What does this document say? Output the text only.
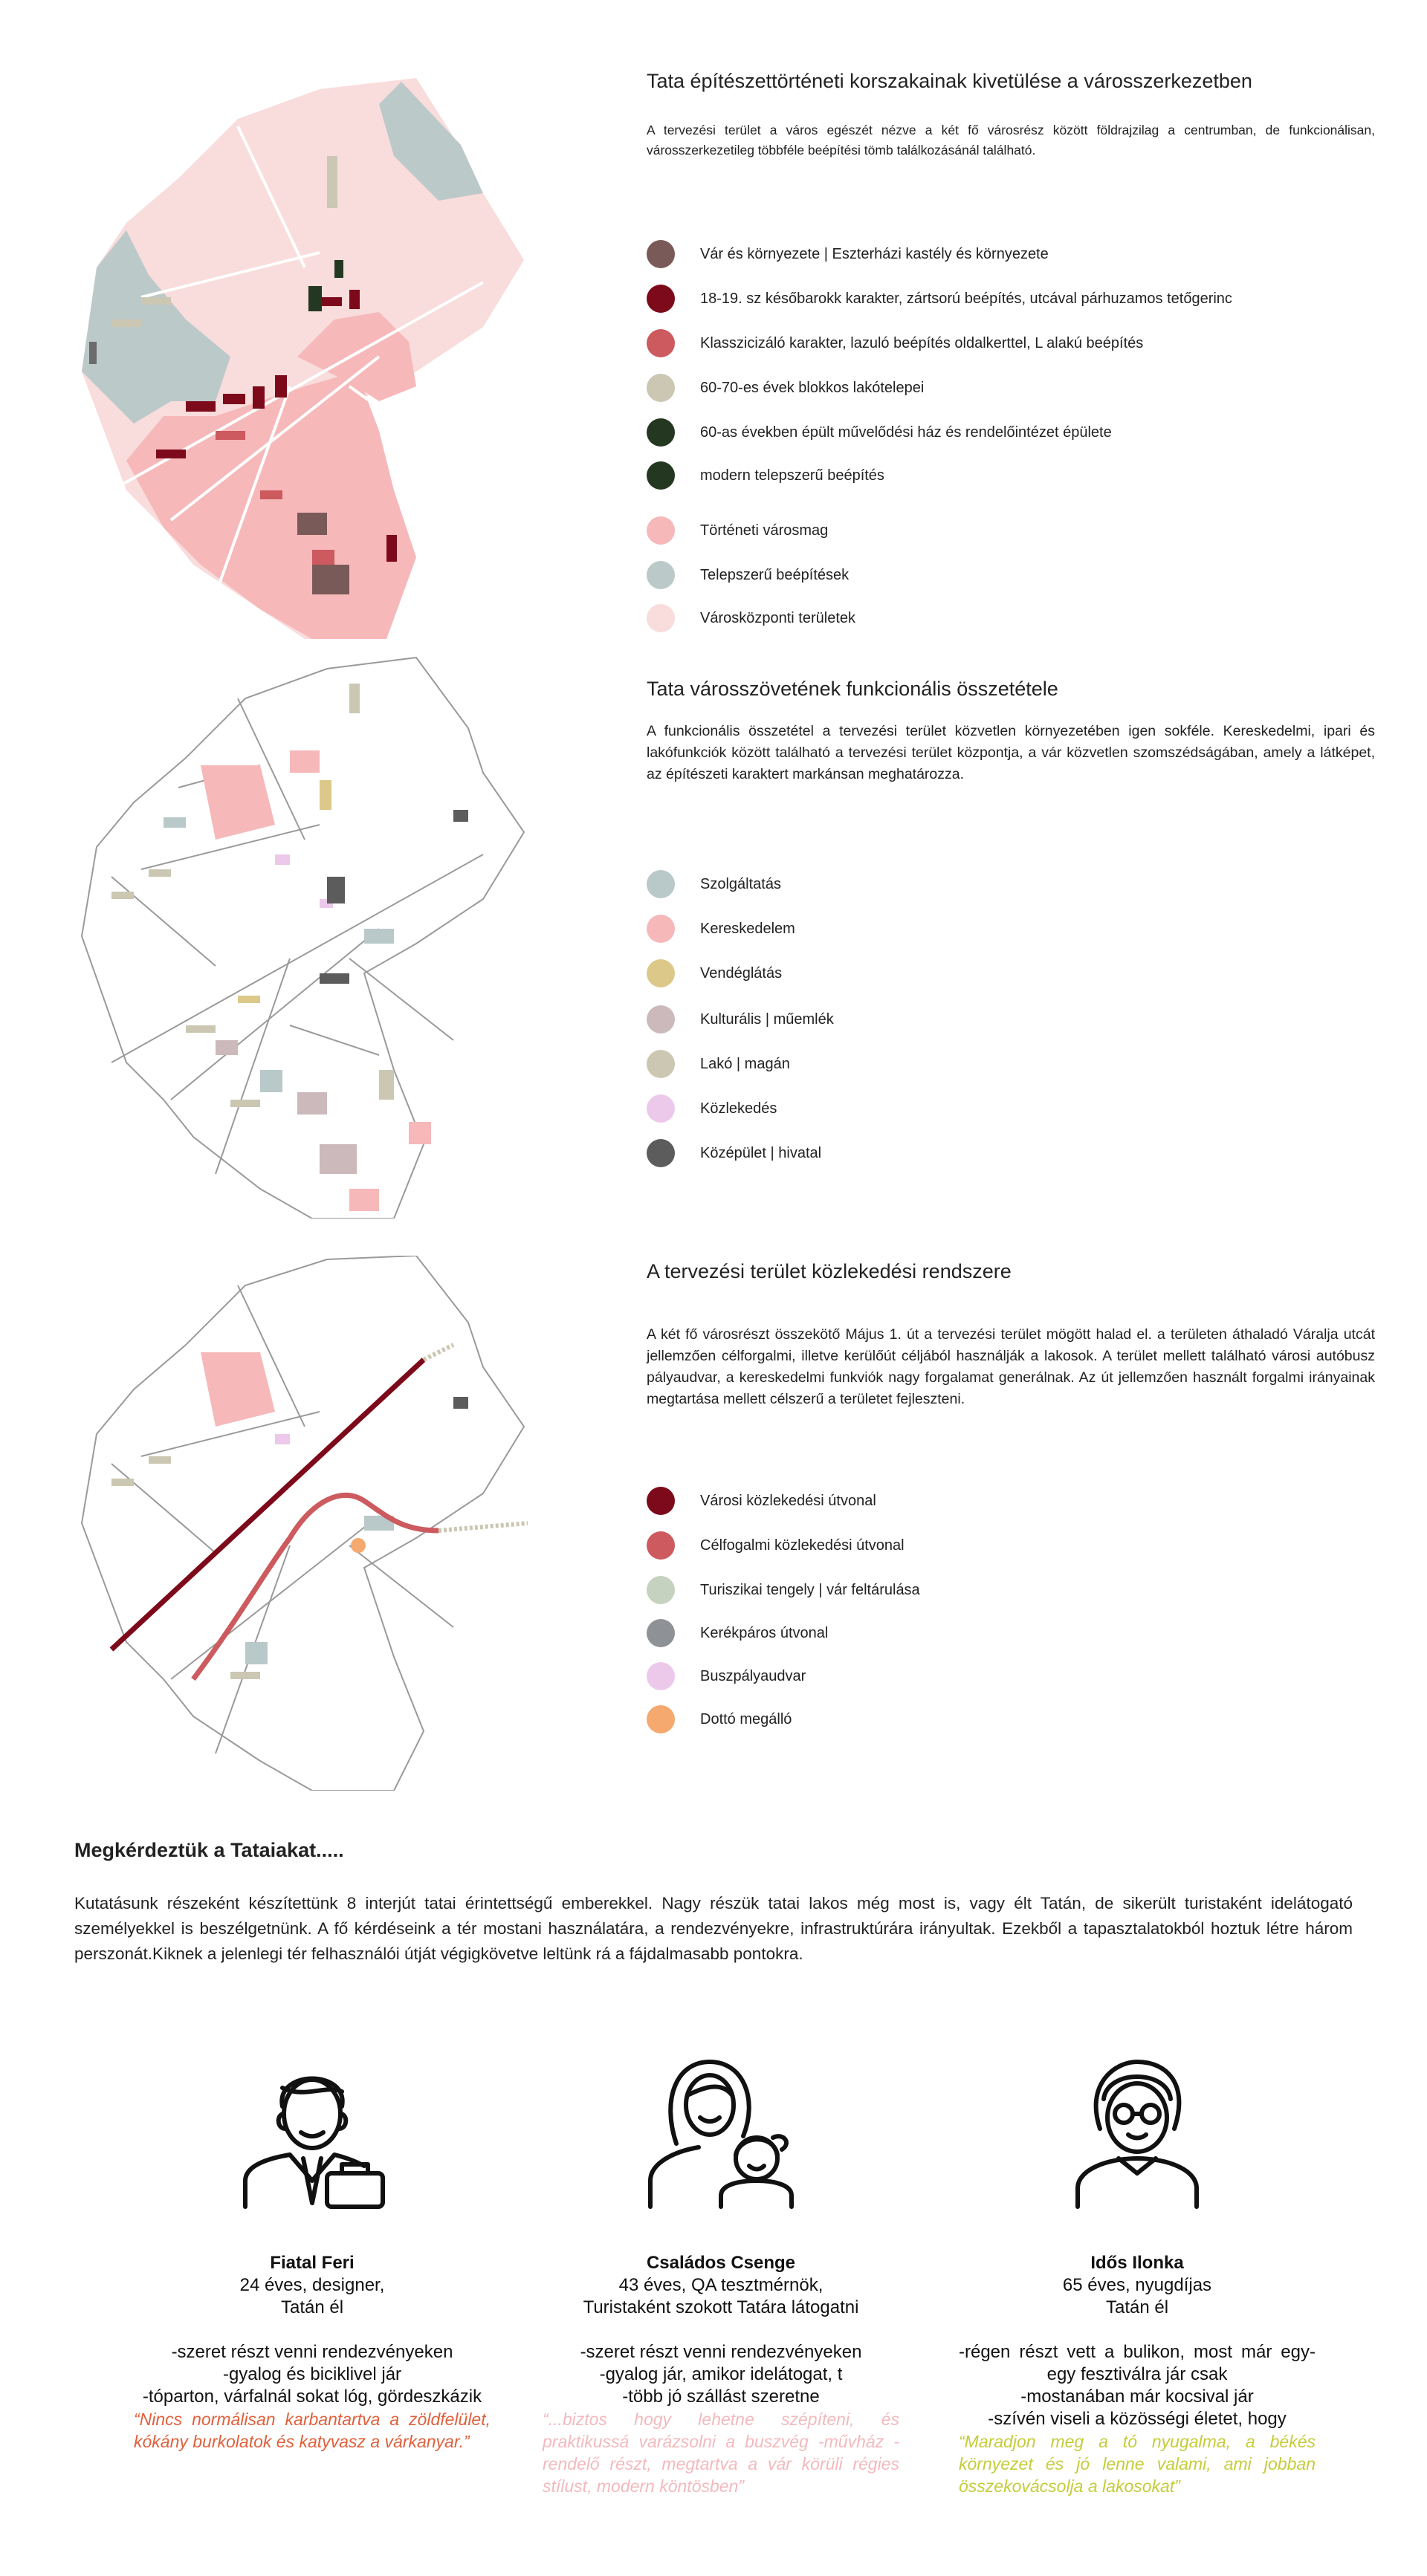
Tata építészettörténeti korszakainak kivetülése a városszerkezetben

A tervezési terület a város egészét nézve a két fő városrész között földrajzilag a centrumban, de funkcionálisan, városszerkezetileg többféle beépítési tömb találkozásánál található.

Vár és környezete | Eszterházi kastély és környezete
18-19. sz későbarokk karakter, zártsorú beépítés, utcával párhuzamos tetőgerinc
Klasszicizáló karakter, lazuló beépítés oldalkerttel, L alakú beépítés
60-70-es évek blokkos lakótelepei
60-as években épült művelődési ház és rendelőintézet épülete
modern telepszerű beépítés
Történeti városmag
Telepszerű beépítések
Városközponti területek
Tata városszövetének funkcionális összetétele

A funkcionális összetétel a tervezési terület közvetlen környezetében igen sokféle. Kereskedelmi, ipari és lakófunkciók között található a tervezési terület központja, a vár közvetlen szomszédságában, amely a látképet, az építészeti karaktert markánsan meghatározza.

Szolgáltatás
Kereskedelem
Vendéglátás
Kulturális | műemlék
Lakó | magán
Közlekedés
Középület | hivatal
A tervezési terület közlekedési rendszere

A két fő városrészt összekötő Május 1. út a tervezési terület mögött halad el. a területen áthaladó Váralja utcát jellemzően célforgalmi, illetve kerülőút céljából használják a lakosok. A terület mellett található városi autóbusz pályaudvar, a kereskedelmi funkviók nagy forgalamat generálnak. Az út jellemzően használt forgalmi irányainak megtartása mellett célszerű a területet fejleszteni.

Városi közlekedési útvonal
Célfogalmi közlekedési útvonal
Turiszikai tengely | vár feltárulása
Kerékpáros útvonal
Buszpályaudvar
Dottó megálló
Megkérdeztük a Tataiakat.....

Kutatásunk részeként készítettünk 8 interjút tatai érintettségű emberekkel. Nagy részük tatai lakos még most is, vagy élt Tatán, de sikerült turistaként idelátogató személyekkel is beszélgetnünk. A fő kérdéseink a tér mostani használatára, a rendezvényekre, infrastruktúrára irányultak. Ezekből a tapasztalatokból hoztuk létre három perszonát.Kiknek a jelenlegi tér felhasználói útját végigkövetve leltünk rá a fájdalmasabb pontokra.

Fiatal Feri
24 éves, designer,
Tatán él
-szeret részt venni rendezvényeken
-gyalog és biciklivel jár
-tóparton, várfalnál sokat lóg, gördeszkázik
“Nincs normálisan karbantartva a zöldfelület, kókány burkolatok és katyvasz a várkanyar.”
Családos Csenge
43 éves, QA tesztmérnök,
Turistaként szokott Tatára látogatni
-szeret részt venni rendezvényeken
-gyalog jár, amikor idelátogat, t
-több jó szállást szeretne
“...biztos hogy lehetne szépíteni, és praktikussá varázsolni a buszvég -művház -rendelő részt, megtartva a vár körüli régies stílust, modern köntösben”
Idős Ilonka
65 éves, nyugdíjas
Tatán él
-régen részt vett a bulikon, most már egy-egy fesztiválra jár csak
-mostanában már kocsival jár
-szívén viseli a közösségi életet, hogy
“Maradjon meg a tó nyugalma, a békés környezet és jó lenne valami, ami jobban összekovácsolja a lakosokat”
